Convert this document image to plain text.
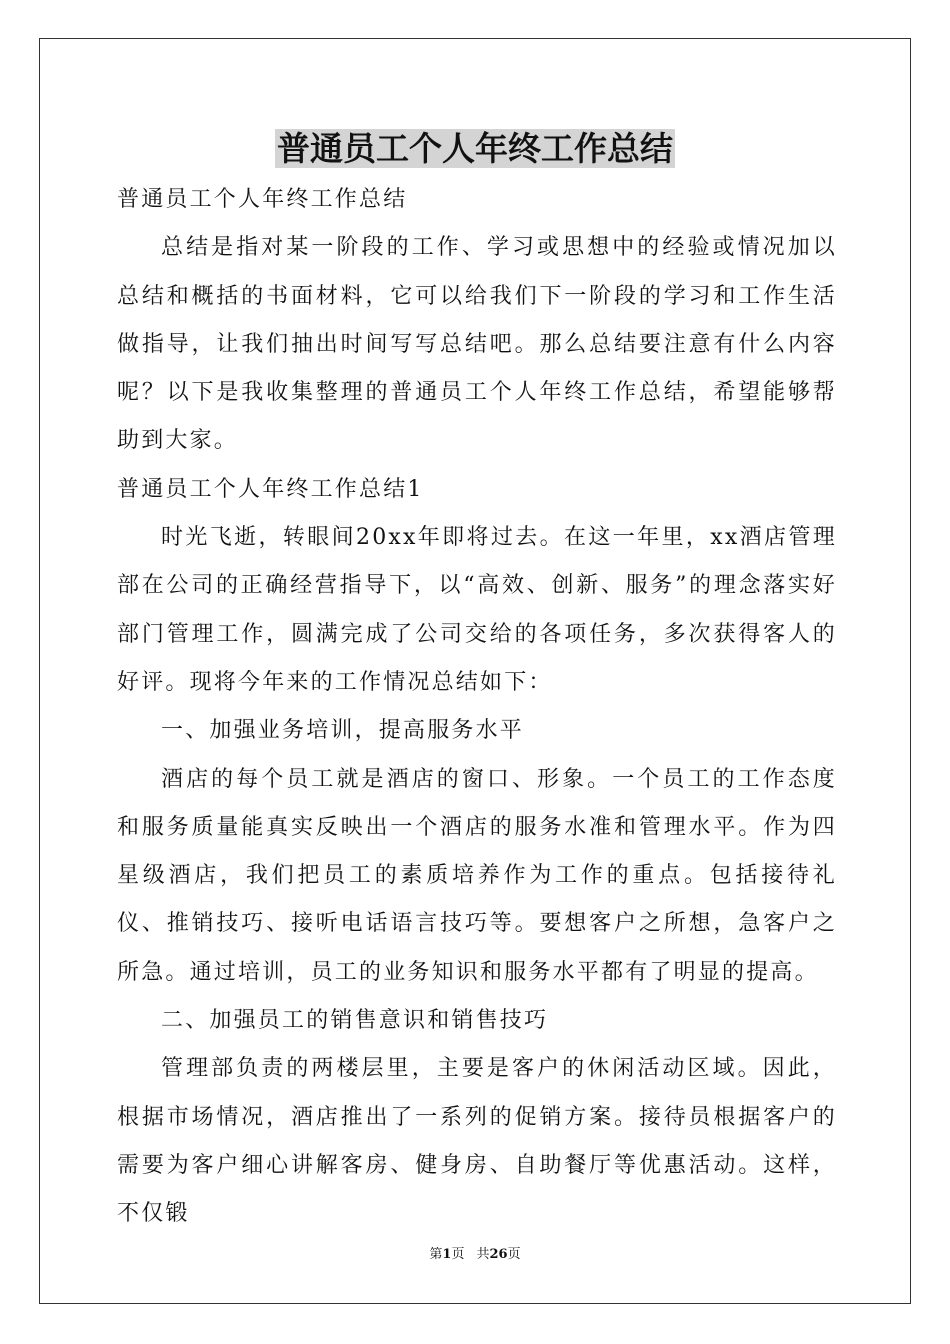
普通员工个人年终工作总结

普通员工个人年终工作总结

总结是指对某一阶段的工作、学习或思想中的经验或情况加以总结和概括的书面材料，它可以给我们下一阶段的学习和工作生活做指导，让我们抽出时间写写总结吧。那么总结要注意有什么内容呢？以下是我收集整理的普通员工个人年终工作总结，希望能够帮助到大家。

普通员工个人年终工作总结1

时光飞逝，转眼间20xx年即将过去。在这一年里，xx酒店管理部在公司的正确经营指导下，以“高效、创新、服务”的理念落实好部门管理工作，圆满完成了公司交给的各项任务，多次获得客人的好评。现将今年来的工作情况总结如下：

一、加强业务培训，提高服务水平

酒店的每个员工就是酒店的窗口、形象。一个员工的工作态度和服务质量能真实反映出一个酒店的服务水准和管理水平。作为四星级酒店，我们把员工的素质培养作为工作的重点。包括接待礼仪、推销技巧、接听电话语言技巧等。要想客户之所想，急客户之所急。通过培训，员工的业务知识和服务水平都有了明显的提高。

二、加强员工的销售意识和销售技巧

管理部负责的两楼层里，主要是客户的休闲活动区域。因此，根据市场情况，酒店推出了一系列的促销方案。接待员根据客户的需要为客户细心讲解客房、健身房、自助餐厅等优惠活动。这样，不仅锻

第1页 共26页
